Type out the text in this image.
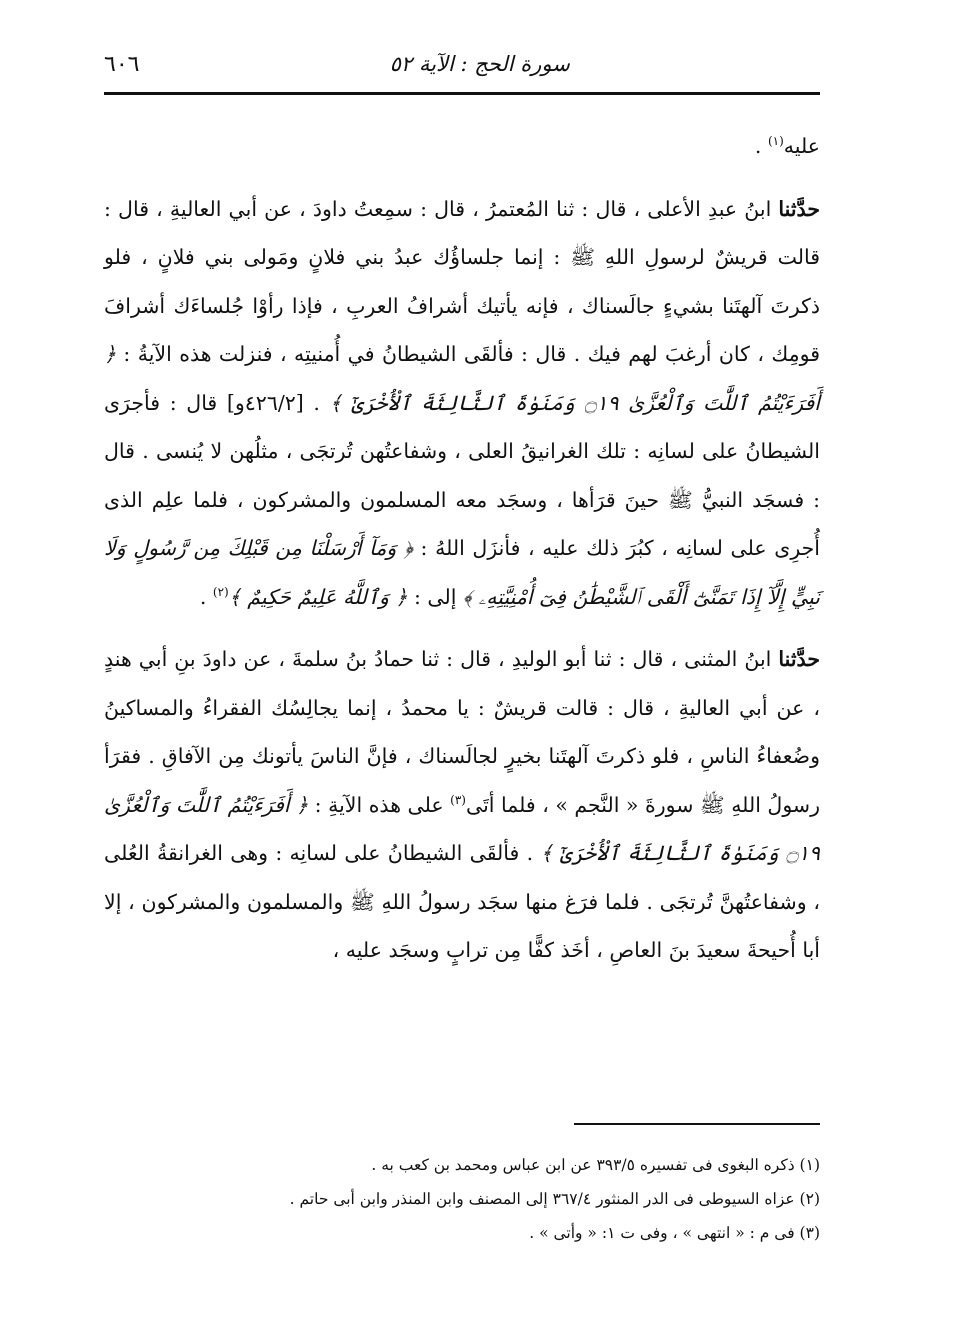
٦٠٦	سورة الحج : الآية ٥٢

عليه$^{(١)}$ .

حدَّثنا ابنُ عبدِ الأعلى ، قال : ثنا المُعتمرُ ، قال : سمِعتُ داودَ ، عن أبي العاليةِ ، قال : قالت قريشٌ لرسولِ اللهِ ﷺ : إنما جلساؤُك عبدُ بني فلانٍ ومَولى بني فلانٍ ، فلو ذكرتَ آلهتَنا بشيءٍ جالَسناك ، فإنه يأتيك أشرافُ العربِ ، فإذا رأوْا جُلساءَك أشرافَ قومِك ، كان أرغبَ لهم فيك . قال : فألقَى الشيطانُ في أُمنيتِه ، فنزلت هذه الآيةُ : ﴿ أَفَرَءَيْتُمُ ٱللَّٰتَ وَٱلْعُزَّىٰ ۝١٩ وَمَنَوٰةَ ٱلثَّالِثَةَ ٱلْأُخْرَىٰٓ ﴾ . [٤٢٦/٢و] قال : فأجرَى الشيطانُ على لسانِه : تلك الغرانيقُ العلى ، وشفاعتُهن تُرتجَى ، مثلُهن لا يُنسى . قال : فسجَد النبيُّ ﷺ حينَ قرَأها ، وسجَد معه المسلمون والمشركون ، فلما علِم الذى أُجرِى على لسانِه ، كبُرَ ذلك عليه ، فأنزَل اللهُ : ﴿ وَمَآ أَرْسَلْنَا مِن قَبْلِكَ مِن رَّسُولٍ وَلَا نَبِيٍّ إِلَّآ إِذَا تَمَنَّىٰٓ أَلْقَى ٱلشَّيْطَٰنُ فِىٓ أُمْنِيَّتِهِۦ ﴾ إلى : ﴿ وَٱللَّهُ عَلِيمٌ حَكِيمٌ ﴾$^{(٢)}$ .

حدَّثنا ابنُ المثنى ، قال : ثنا أبو الوليدِ ، قال : ثنا حمادُ بنُ سلمةَ ، عن داودَ بنِ أبي هندٍ ، عن أبي العاليةِ ، قال : قالت قريشٌ : يا محمدُ ، إنما يجالِسُك الفقراءُ والمساكينُ وضُعفاءُ الناسِ ، فلو ذكرتَ آلهتَنا بخيرٍ لجالَسناك ، فإنَّ الناسَ يأتونك مِن الآفاقِ . فقرَأ رسولُ اللهِ ﷺ سورةَ « النَّجم » ، فلما أتَى$^{(٣)}$ على هذه الآيةِ : ﴿ أَفَرَءَيْتُمُ ٱللَّٰتَ وَٱلْعُزَّىٰ ۝١٩ وَمَنَوٰةَ ٱلثَّالِثَةَ ٱلْأُخْرَىٰٓ ﴾ . فألقَى الشيطانُ على لسانِه : وهى الغرانقةُ العُلى ، وشفاعتُهنَّ تُرتجَى . فلما فرَغ منها سجَد رسولُ اللهِ ﷺ والمسلمون والمشركون ، إلا أبا أُحيحةَ سعيدَ بنَ العاصِ ، أخَذ كفًّا مِن ترابٍ وسجَد عليه ،

(١) ذكره البغوى فى تفسيره ٣٩٣/٥ عن ابن عباس ومحمد بن كعب به .

(٢) عزاه السيوطى فى الدر المنثور ٣٦٧/٤ إلى المصنف وابن المنذر وابن أبى حاتم .

(٣) فى م : « انتهى » ، وفى ت ١: « وأتى » .
